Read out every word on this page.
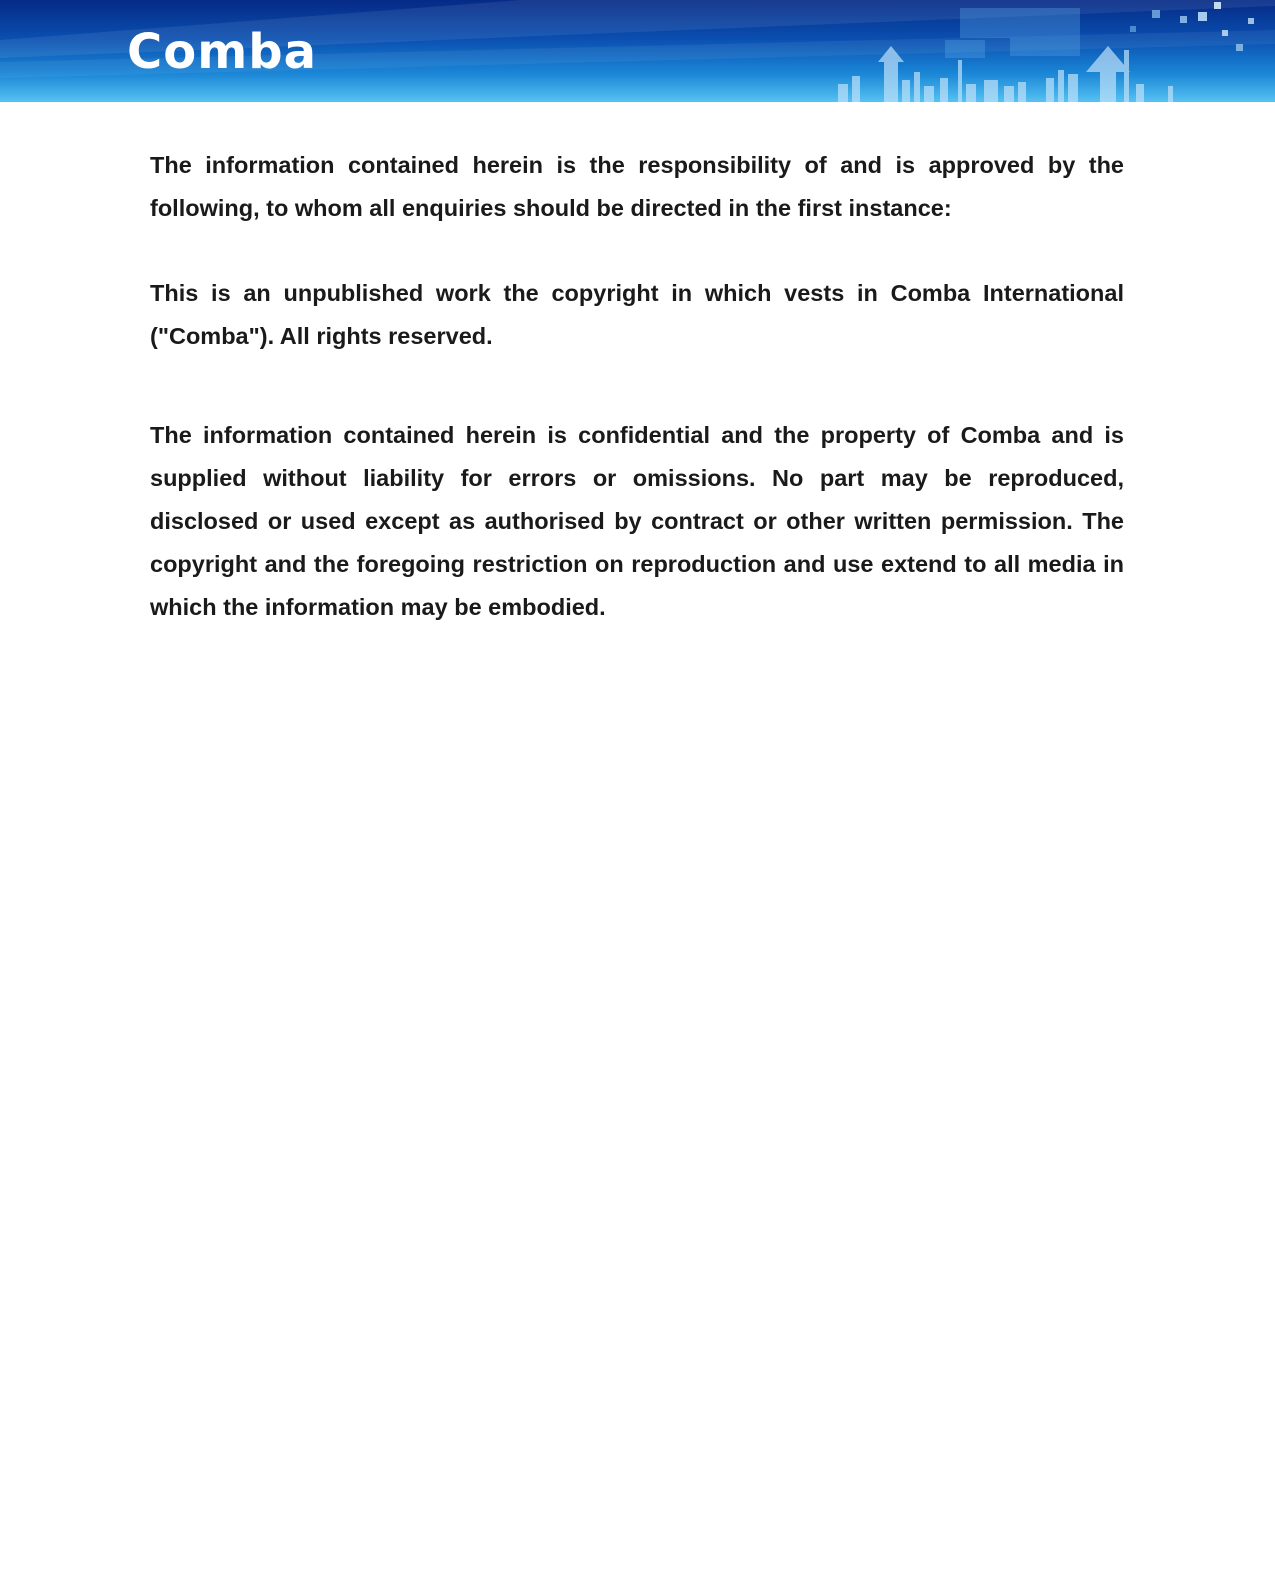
Comba

The information contained herein is the responsibility of and is approved by the following, to whom all enquiries should be directed in the first instance:

This is an unpublished work the copyright in which vests in Comba International ("Comba"). All rights reserved.

The information contained herein is confidential and the property of Comba and is supplied without liability for errors or omissions. No part may be reproduced, disclosed or used except as authorised by contract or other written permission. The copyright and the foregoing restriction on reproduction and use extend to all media in which the information may be embodied.
